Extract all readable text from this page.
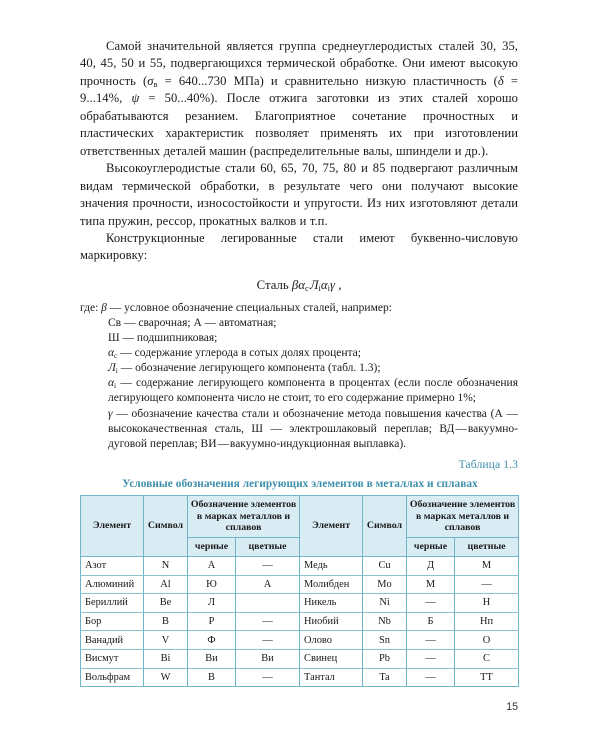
Самой значительной является группа среднеуглеродистых сталей 30, 35, 40, 45, 50 и 55, подвергающихся термической обработке. Они имеют высокую прочность ($\sigma_в = 640...730$ МПа) и сравнительно низкую пластичность (δ = 9...14%, ψ = 50...40%). После отжига заготовки из этих сталей хорошо обрабатываются резанием. Благоприятное сочетание прочностных и пластических характеристик позволяет применять их при изготовлении ответственных деталей машин (распределительные валы, шпиндели и др.).

Высокоуглеродистые стали 60, 65, 70, 75, 80 и 85 подвергают различным видам термической обработки, в результате чего они получают высокие значения прочности, износостойкости и упругости. Из них изготовляют детали типа пружин, рессор, прокатных валков и т.п.

Конструкционные легированные стали имеют буквенно-числовую маркировку:

Сталь $\beta\alpha_с$ $Л_i\alpha_i\gamma$ ,
где: β — условное обозначение специальных сталей, например:
Св — сварочная; А — автоматная;
Ш — подшипниковая;
$\alpha_с$ — содержание углерода в сотых долях процента;
$Л_i$ — обозначение легирующего компонента (табл. 1.3);
$\alpha_i$ — содержание легирующего компонента в процентах (если после обозначения легирующего компонента число не стоит, то его содержание примерно 1%;
γ — обозначение качества стали и обозначение метода повышения качества (А — высококачественная сталь, Ш — электрошлаковый переплав; ВД — вакуумно-дуговой переплав; ВИ — вакуумно-индукционная выплавка).
Таблица 1.3
Условные обозначения легирующих элементов в металлах и сплавах
Элемент	Символ	Обозначение элементов в марках металлов и сплавов		Элемент	Символ	Обозначение элементов в марках металлов и сплавов	
		черные	цветные			черные	цветные
Азот	N	А	—	Медь	Cu	Д	М
Алюминий	Al	Ю	А	Молибден	Mo	М	—
Бериллий	Be	Л		Никель	Ni	—	Н
Бор	B	Р	—	Ниобий	Nb	Б	Нп
Ванадий	V	Ф	—	Олово	Sn	—	О
Висмут	Bi	Ви	Ви	Свинец	Pb	—	С
Вольфрам	W	В	—	Тантал	Ta	—	ТТ
15
